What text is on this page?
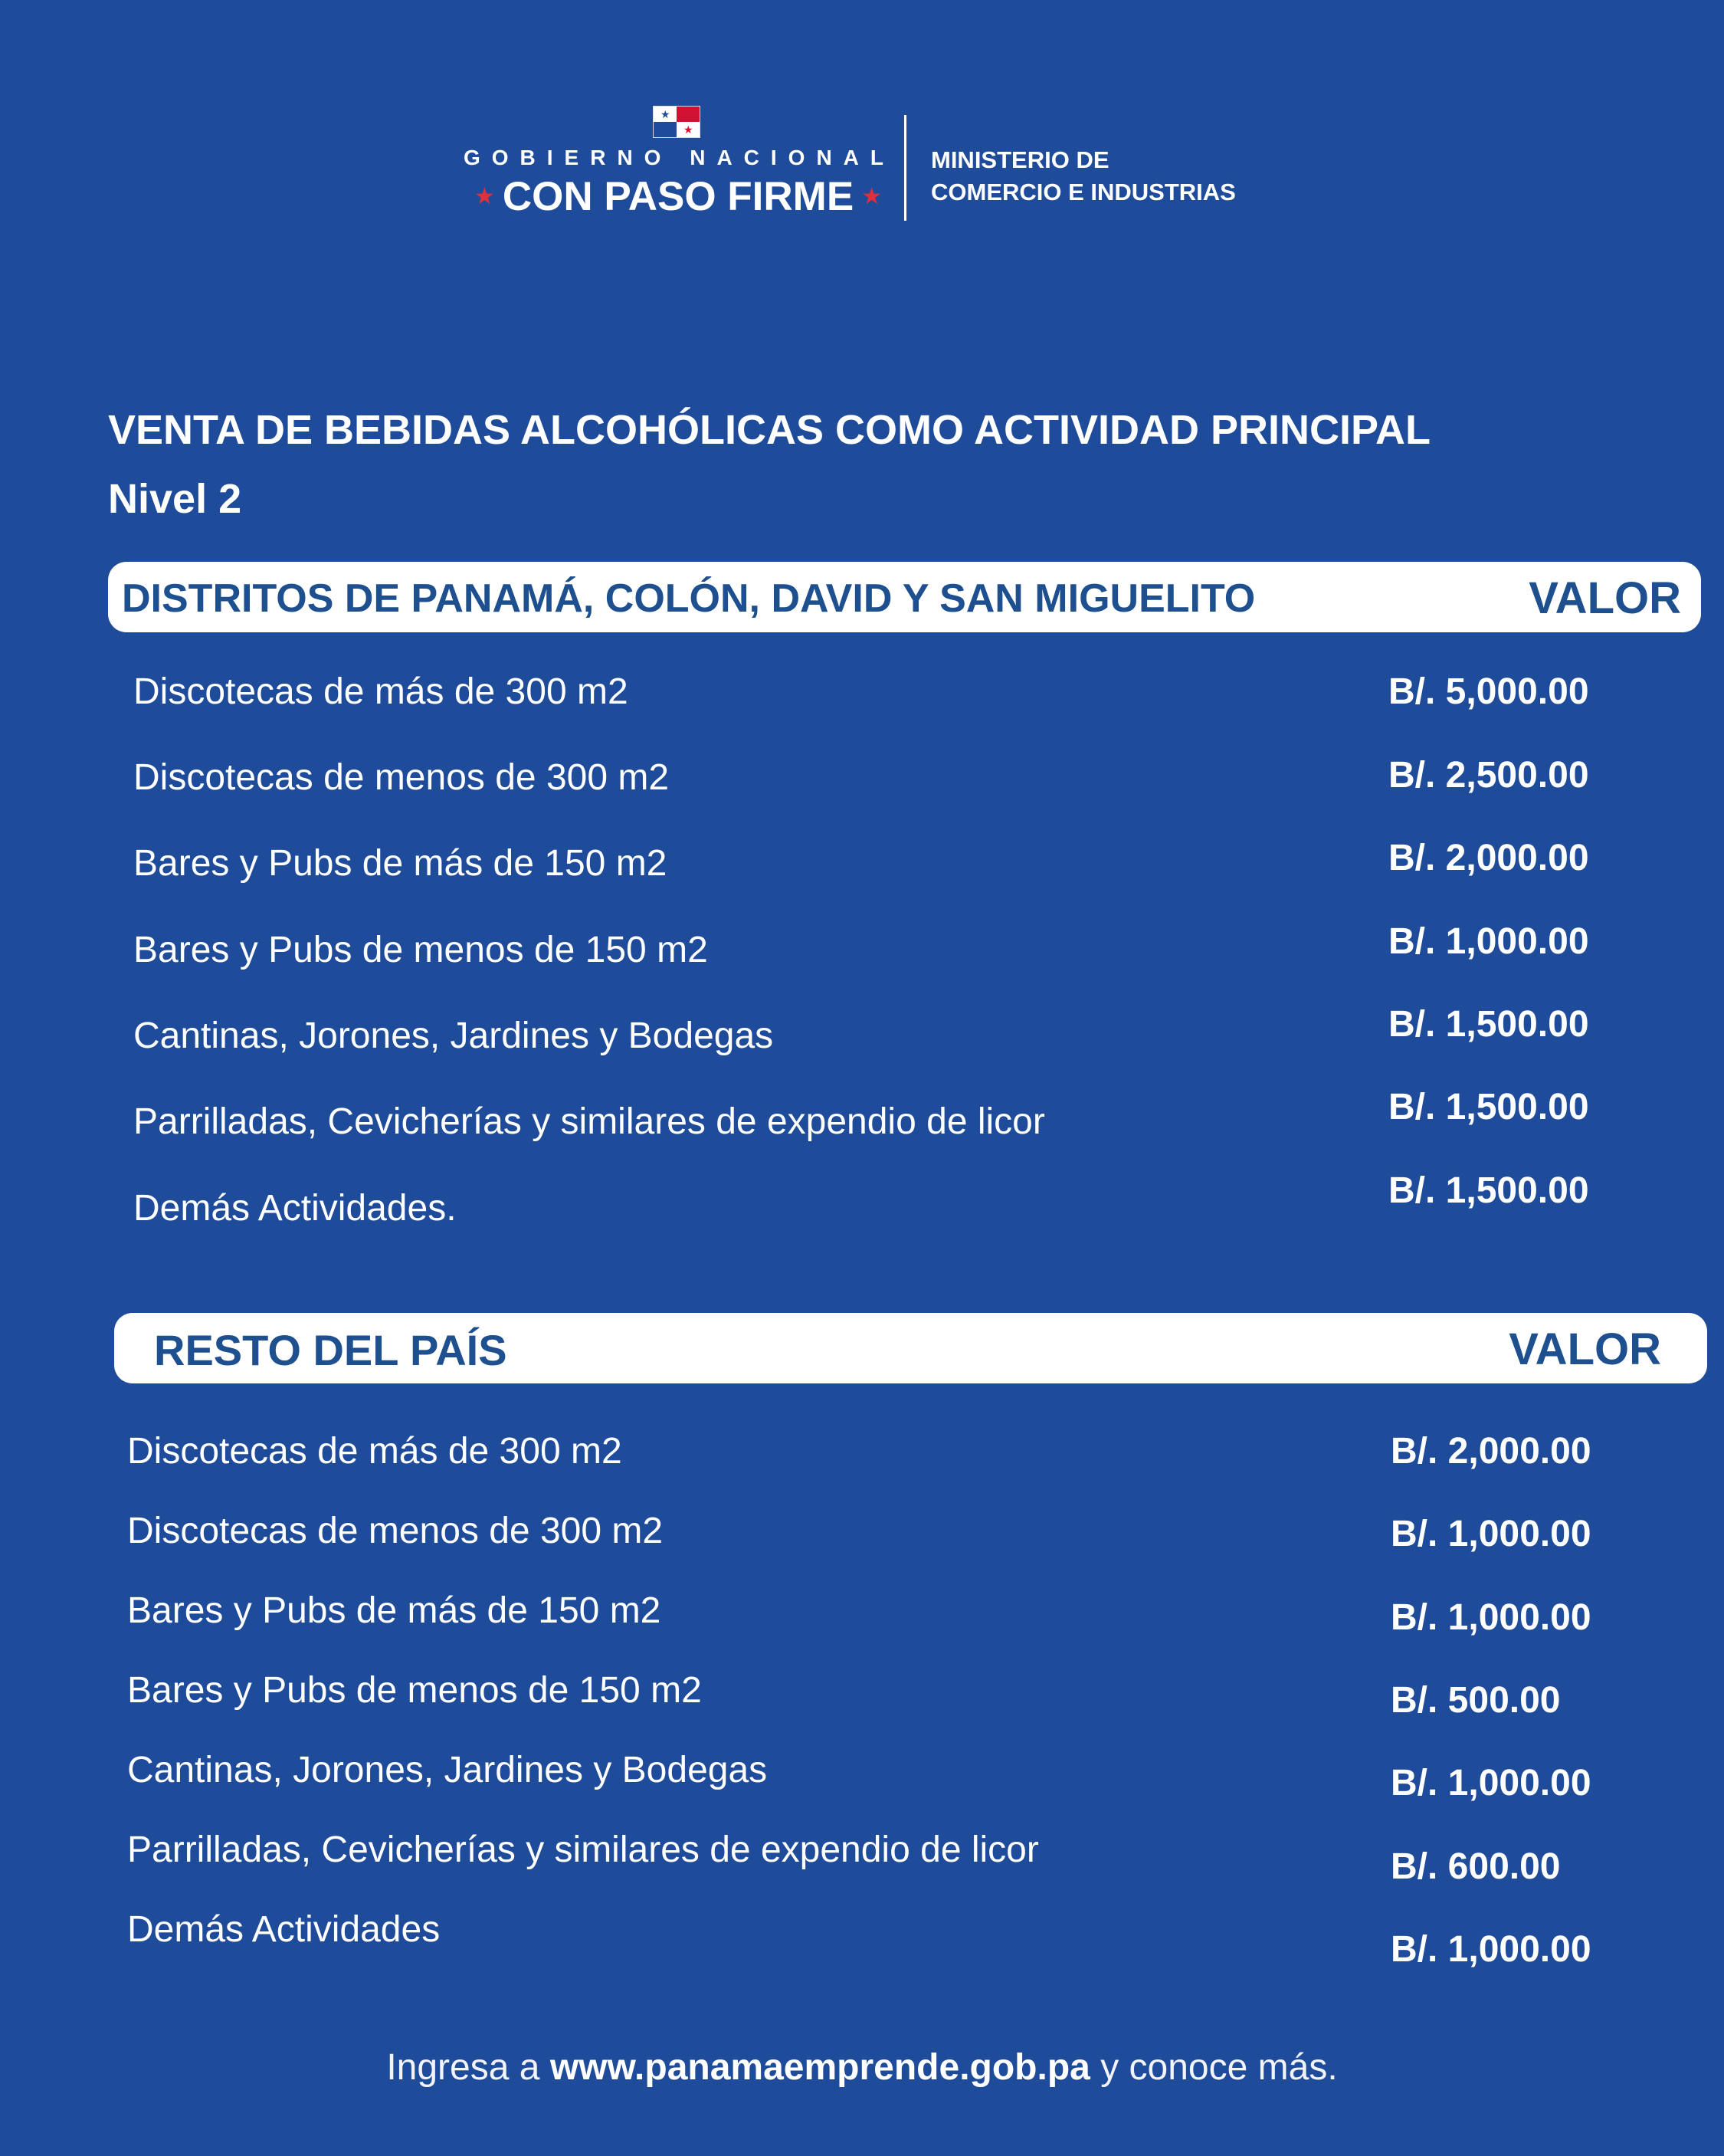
★
★
GOBIERNO NACIONAL
★ CON PASO FIRME ★
MINISTERIO DE
COMERCIO E INDUSTRIAS
VENTA DE BEBIDAS ALCOHÓLICAS COMO ACTIVIDAD PRINCIPAL
Nivel 2
DISTRITOS DE PANAMÁ, COLÓN, DAVID Y SAN MIGUELITO	VALOR
Discotecas de más de 300 m2	B/. 5,000.00
Discotecas de menos de 300 m2	B/. 2,500.00
Bares y Pubs de más de 150 m2	B/. 2,000.00
Bares y Pubs de menos de 150 m2	B/. 1,000.00
Cantinas, Jorones, Jardines y Bodegas	B/. 1,500.00
Parrilladas, Cevicherías y similares de expendio de licor	B/. 1,500.00
Demás Actividades.	B/. 1,500.00
RESTO DEL PAÍS	VALOR
Discotecas de más de 300 m2	B/. 2,000.00
Discotecas de menos de 300 m2	B/. 1,000.00
Bares y Pubs de más de 150 m2	B/. 1,000.00
Bares y Pubs de menos de 150 m2	B/. 500.00
Cantinas, Jorones, Jardines y Bodegas	B/. 1,000.00
Parrilladas, Cevicherías y similares de expendio de licor	B/. 600.00
Demás Actividades	B/. 1,000.00
Ingresa a www.panamaemprende.gob.pa y conoce más.
